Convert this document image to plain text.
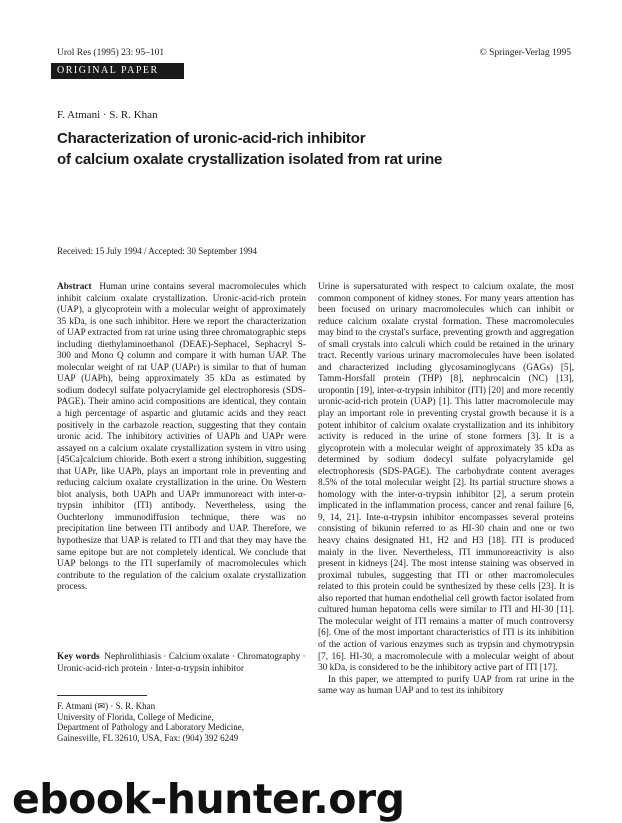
Urol Res (1995) 23: 95–101	© Springer-Verlag 1995
ORIGINAL PAPER
F. Atmani · S. R. Khan
Characterization of uronic-acid-rich inhibitor
of calcium oxalate crystallization isolated from rat urine
Received: 15 July 1994 / Accepted: 30 September 1994
Abstract Human urine contains several macromolecules which inhibit calcium oxalate crystallization. Uronic-acid-rich protein (UAP), a glycoprotein with a molecular weight of approximately 35 kDa, is one such inhibitor. Here we report the characterization of UAP extracted from rat urine using three chromatographic steps including diethylaminoethanol (DEAE)-Sephacel, Sephacryl S-300 and Mono Q column and compare it with human UAP. The molecular weight of rat UAP (UAPr) is similar to that of human UAP (UAPh), being approximately 35 kDa as estimated by sodium dodecyl sulfate polyacrylamide gel electrophoresis (SDS-PAGE). Their amino acid compositions are identical, they contain a high percentage of aspartic and glutamic acids and they react positively in the carbazole reaction, suggesting that they contain uronic acid. The inhibitory activities of UAPh and UAPr were assayed on a calcium oxalate crystallization system in vitro using [45Ca]calcium chloride. Both exert a strong inhibition, suggesting that UAPr, like UAPh, plays an important role in preventing and reducing calcium oxalate crystallization in the urine. On Western blot analysis, both UAPh and UAPr immunoreact with inter-α-trypsin inhibitor (ITI) antibody. Nevertheless, using the Ouchterlony immunodiffusion technique, there was no precipitation line between ITI antibody and UAP. Therefore, we hypothesize that UAP is related to ITI and that they may have the same epitope but are not completely identical. We conclude that UAP belongs to the ITI superfamily of macromolecules which contribute to the regulation of the calcium oxalate crystallization process.
Key words Nephrolithiasis · Calcium oxalate · Chromatography · Uronic-acid-rich protein · Inter-α-trypsin inhibitor
F. Atmani (✉) · S. R. Khan
University of Florida, College of Medicine,
Department of Pathology and Laboratory Medicine,
Gainesville, FL 32610, USA, Fax: (904) 392 6249
Urine is supersaturated with respect to calcium oxalate, the most common component of kidney stones. For many years attention has been focused on urinary macromolecules which can inhibit or reduce calcium oxalate crystal formation. These macromolecules may bind to the crystal's surface, preventing growth and aggregation of small crystals into calculi which could be retained in the urinary tract. Recently various urinary macromolecules have been isolated and characterized including glycosaminoglycans (GAGs) [5], Tamm-Horsfall protein (THP) [8], nephrocalcin (NC) [13], uropontin [19], inter-α-trypsin inhibitor (ITI) [20] and more recently uronic-acid-rich protein (UAP) [1]. This latter macromolecule may play an important role in preventing crystal growth because it is a potent inhibitor of calcium oxalate crystallization and its inhibitory activity is reduced in the urine of stone formers [3]. It is a glycoprotein with a molecular weight of approximately 35 kDa as determined by sodium dodecyl sulfate polyacrylamide gel electrophoresis (SDS-PAGE). The carbohydrate content averages 8.5% of the total molecular weight [2]. Its partial structure shows a homology with the inter-α-trypsin inhibitor [2], a serum protein implicated in the inflammation process, cancer and renal failure [6, 9, 14, 21]. Inte-α-trypsin inhibitor encompasses several proteins consisting of bikunin referred to as HI-30 chain and one or two heavy chains designated H1, H2 and H3 [18]. ITI is produced mainly in the liver. Nevertheless, ITI immunoreactivity is also present in kidneys [24]. The most intense staining was observed in proximal tubules, suggesting that ITI or other macromolecules related to this protein could be synthesized by these cells [23]. It is also reported that human endothelial cell growth factor isolated from cultured human hepatoma cells were similar to ITI and HI-30 [11]. The molecular weight of ITI remains a matter of much controversy [6]. One of the most important characteristics of ITI is its inhibition of the action of various enzymes such as trypsin and chymotrypsin [7, 16]. HI-30, a macromolecule with a molecular weight of about 30 kDa, is considered to be the inhibitory active part of ITI [17].
In this paper, we attempted to purify UAP from rat urine in the same way as human UAP and to test its inhibitory
ebook-hunter.org
